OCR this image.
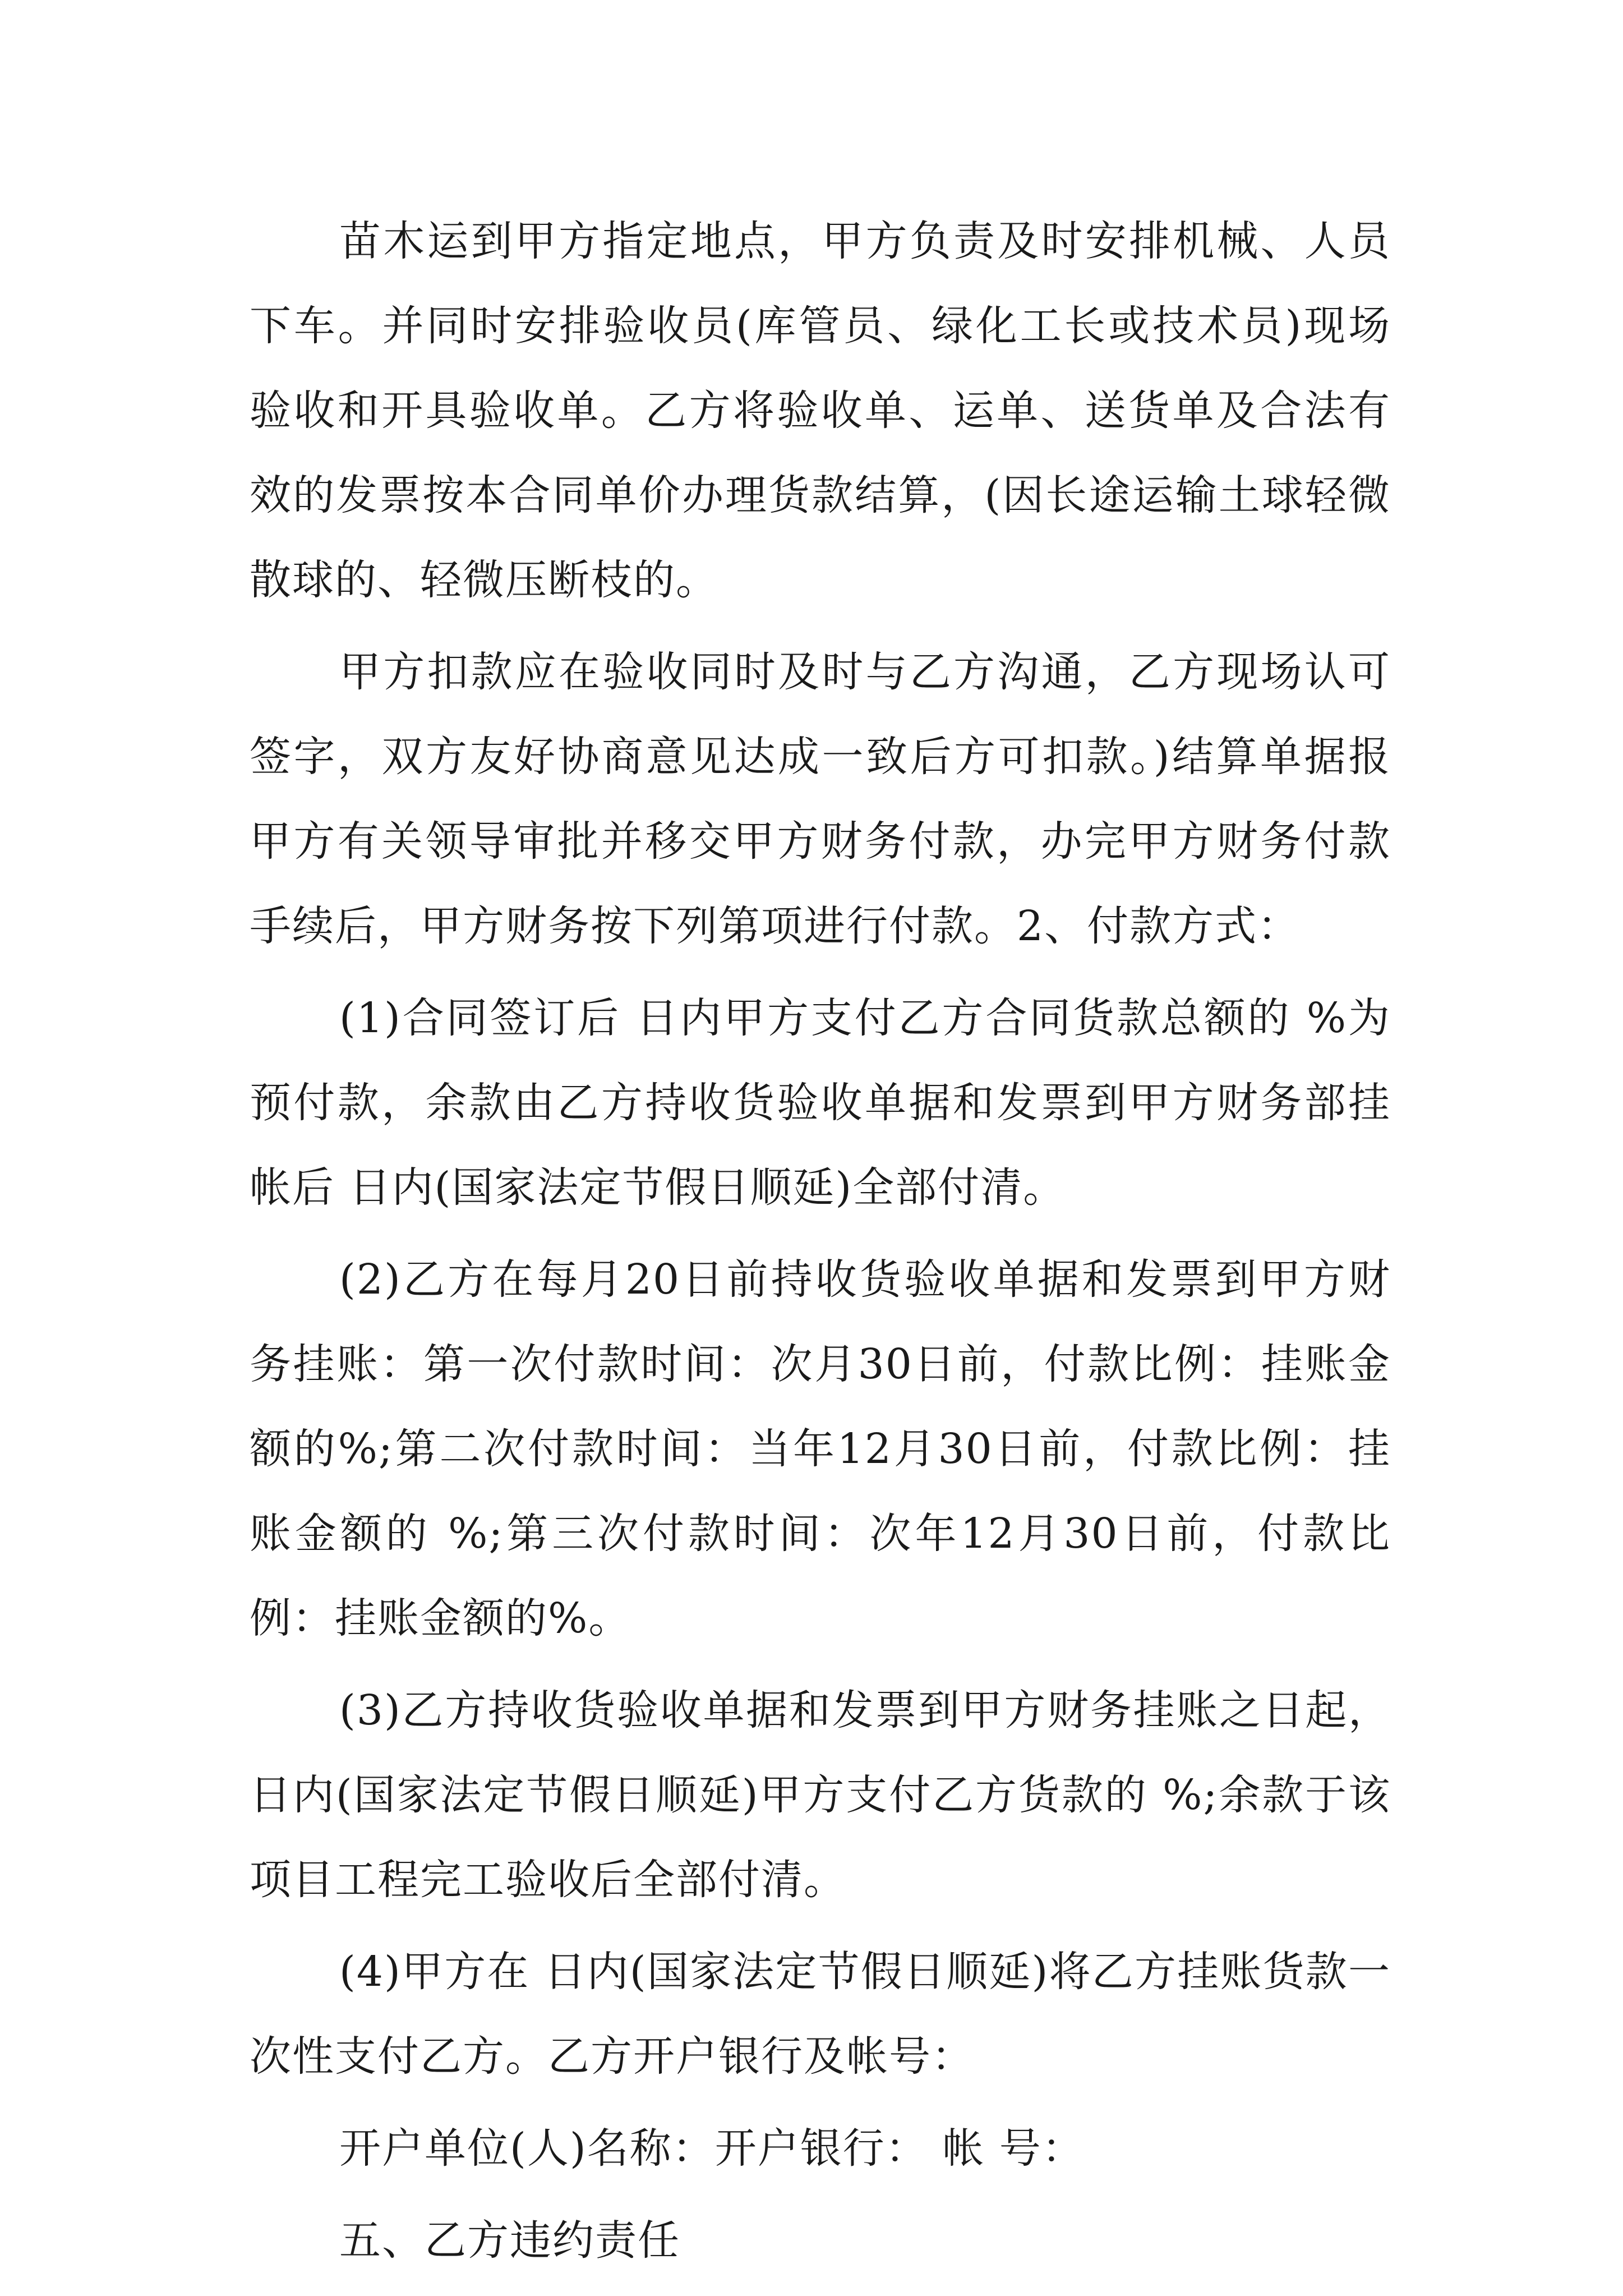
苗木运到甲方指定地点，甲方负责及时安排机械、人员下车。并同时安排验收员(库管员、绿化工长或技术员)现场验收和开具验收单。乙方将验收单、运单、送货单及合法有效的发票按本合同单价办理货款结算，(因长途运输土球轻微散球的、轻微压断枝的。

甲方扣款应在验收同时及时与乙方沟通，乙方现场认可签字，双方友好协商意见达成一致后方可扣款。)结算单据报甲方有关领导审批并移交甲方财务付款，办完甲方财务付款手续后，甲方财务按下列第项进行付款。2、付款方式：

(1)合同签订后 日内甲方支付乙方合同货款总额的 %为预付款，余款由乙方持收货验收单据和发票到甲方财务部挂帐后 日内(国家法定节假日顺延)全部付清。

(2)乙方在每月20日前持收货验收单据和发票到甲方财务挂账：第一次付款时间：次月30日前，付款比例：挂账金额的%;第二次付款时间：当年12月30日前，付款比例：挂账金额的 %;第三次付款时间：次年12月30日前，付款比例：挂账金额的%。

(3)乙方持收货验收单据和发票到甲方财务挂账之日起，日内(国家法定节假日顺延)甲方支付乙方货款的 %;余款于该项目工程完工验收后全部付清。

(4)甲方在 日内(国家法定节假日顺延)将乙方挂账货款一次性支付乙方。乙方开户银行及帐号：

开户单位(人)名称：开户银行： 帐 号：

五、乙方违约责任
